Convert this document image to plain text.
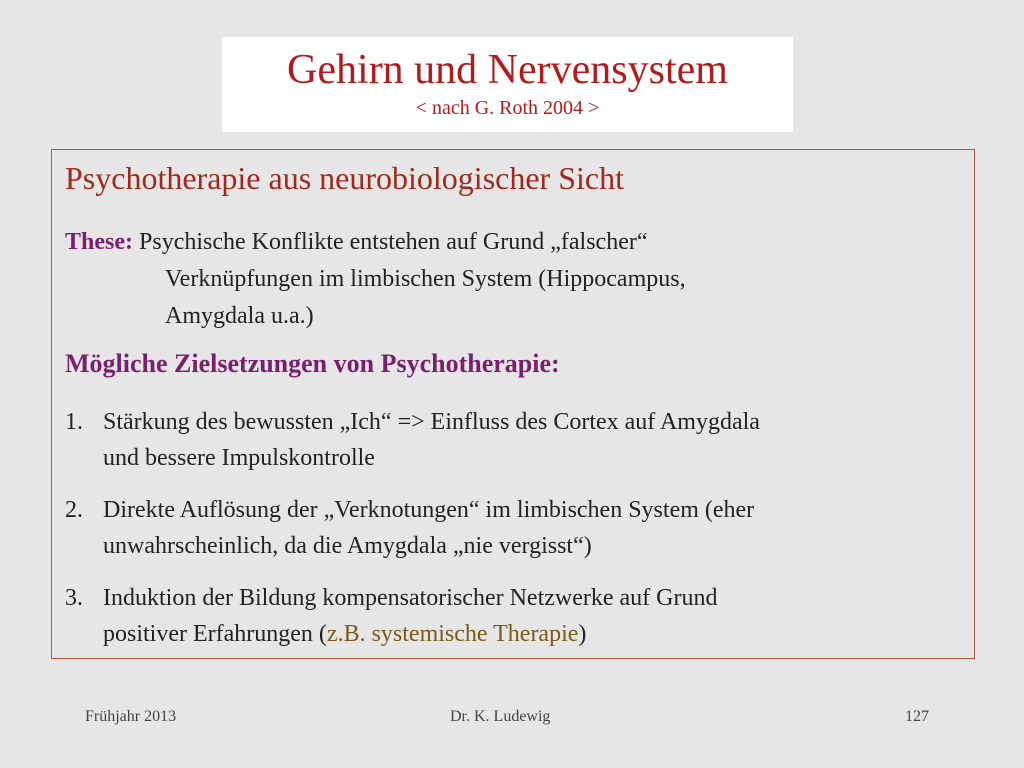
Gehirn und Nervensystem
< nach G. Roth 2004 >
Psychotherapie aus neurobiologischer Sicht
These: Psychische Konflikte entstehen auf Grund „falscher“
Verknüpfungen im limbischen System (Hippocampus,
Amygdala u.a.)
Mögliche Zielsetzungen von Psychotherapie:
1. Stärkung des bewussten „Ich“ => Einfluss des Cortex auf Amygdala
und bessere Impulskontrolle
2. Direkte Auflösung der „Verknotungen“ im limbischen System (eher
unwahrscheinlich, da die Amygdala „nie vergisst“)
3. Induktion der Bildung kompensatorischer Netzwerke auf Grund
positiver Erfahrungen (z.B. systemische Therapie)
Frühjahr 2013	Dr. K. Ludewig	127
